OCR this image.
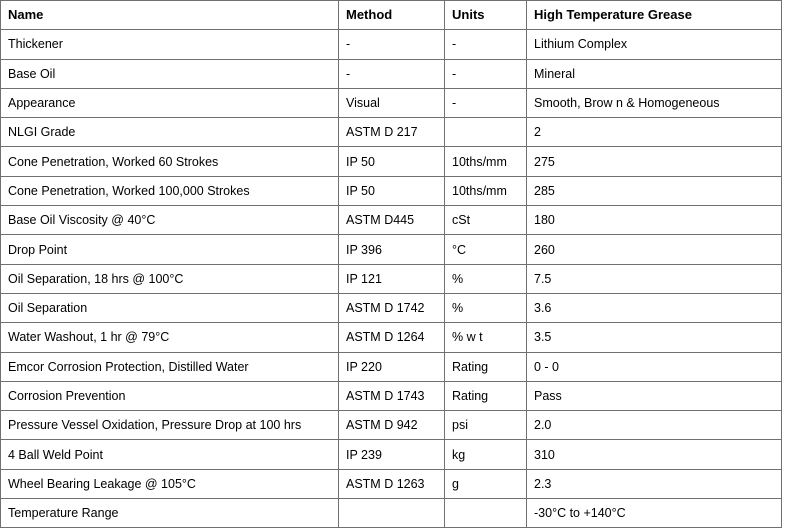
Name	Method	Units	High Temperature Grease
Thickener	-	-	Lithium Complex
Base Oil	-	-	Mineral
Appearance	Visual	-	Smooth, Brow n & Homogeneous
NLGI Grade	ASTM D 217		2
Cone Penetration, Worked 60 Strokes	IP 50	10ths/mm	275
Cone Penetration, Worked 100,000 Strokes	IP 50	10ths/mm	285
Base Oil Viscosity @ 40°C	ASTM D445	cSt	180
Drop Point	IP 396	°C	260
Oil Separation, 18 hrs @ 100°C	IP 121	%	7.5
Oil Separation	ASTM D 1742	%	3.6
Water Washout, 1 hr @ 79°C	ASTM D 1264	% w t	3.5
Emcor Corrosion Protection, Distilled Water	IP 220	Rating	0 - 0
Corrosion Prevention	ASTM D 1743	Rating	Pass
Pressure Vessel Oxidation, Pressure Drop at 100 hrs	ASTM D 942	psi	2.0
4 Ball Weld Point	IP 239	kg	310
Wheel Bearing Leakage @ 105°C	ASTM D 1263	g	2.3
Temperature Range			-30°C to +140°C
